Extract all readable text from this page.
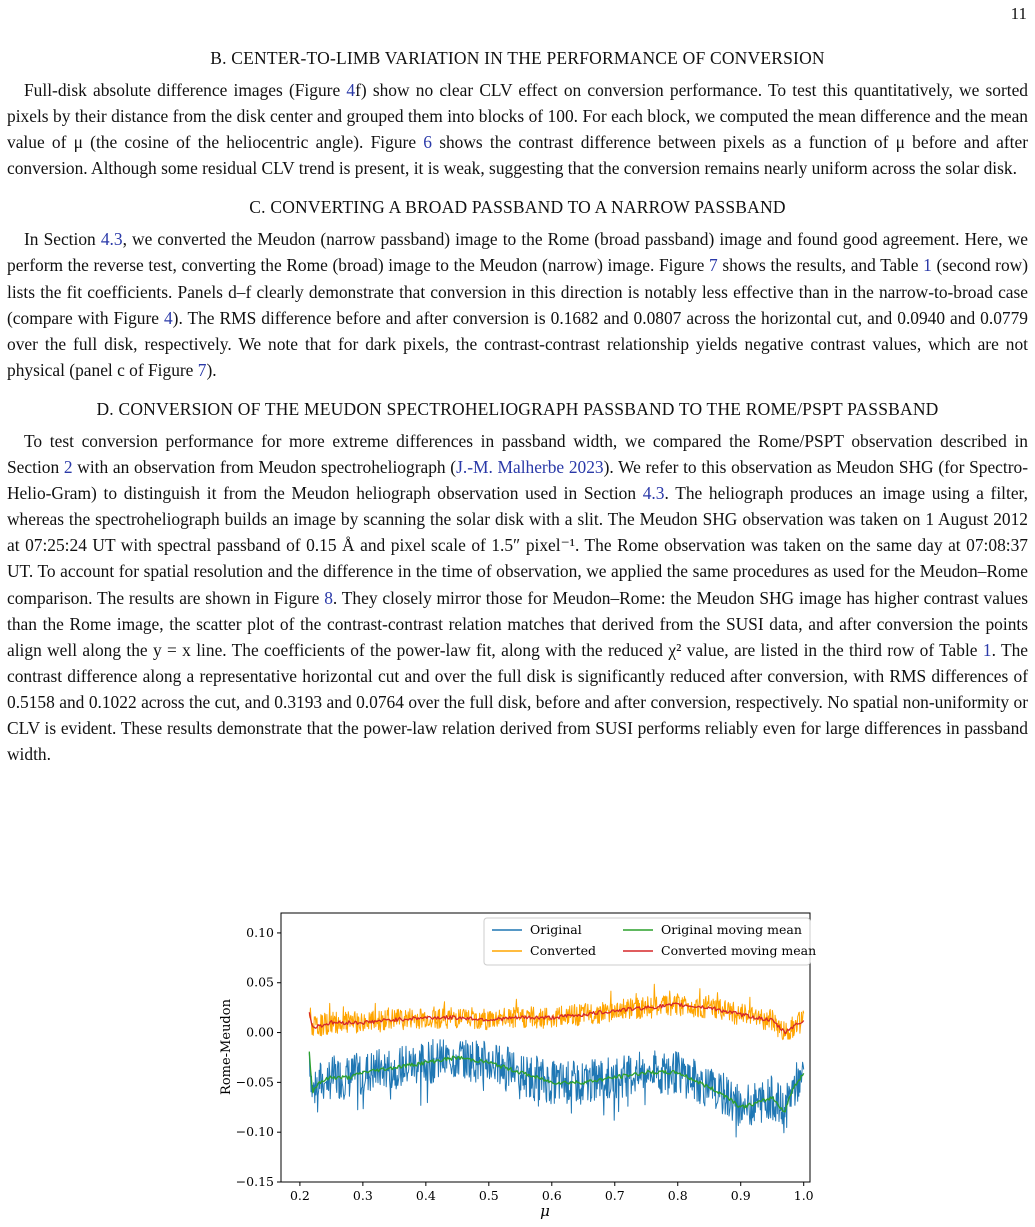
11
B. CENTER-TO-LIMB VARIATION IN THE PERFORMANCE OF CONVERSION

Full-disk absolute difference images (Figure 4f) show no clear CLV effect on conversion performance. To test this quantitatively, we sorted pixels by their distance from the disk center and grouped them into blocks of 100. For each block, we computed the mean difference and the mean value of μ (the cosine of the heliocentric angle). Figure 6 shows the contrast difference between pixels as a function of μ before and after conversion. Although some residual CLV trend is present, it is weak, suggesting that the conversion remains nearly uniform across the solar disk.

C. CONVERTING A BROAD PASSBAND TO A NARROW PASSBAND

In Section 4.3, we converted the Meudon (narrow passband) image to the Rome (broad passband) image and found good agreement. Here, we perform the reverse test, converting the Rome (broad) image to the Meudon (narrow) image. Figure 7 shows the results, and Table 1 (second row) lists the fit coefficients. Panels d–f clearly demonstrate that conversion in this direction is notably less effective than in the narrow-to-broad case (compare with Figure 4). The RMS difference before and after conversion is 0.1682 and 0.0807 across the horizontal cut, and 0.0940 and 0.0779 over the full disk, respectively. We note that for dark pixels, the contrast-contrast relationship yields negative contrast values, which are not physical (panel c of Figure 7).

D. CONVERSION OF THE MEUDON SPECTROHELIOGRAPH PASSBAND TO THE ROME/PSPT PASSBAND

To test conversion performance for more extreme differences in passband width, we compared the Rome/PSPT observation described in Section 2 with an observation from Meudon spectroheliograph (J.-M. Malherbe 2023). We refer to this observation as Meudon SHG (for Spectro-Helio-Gram) to distinguish it from the Meudon heliograph observation used in Section 4.3. The heliograph produces an image using a filter, whereas the spectroheliograph builds an image by scanning the solar disk with a slit. The Meudon SHG observation was taken on 1 August 2012 at 07:25:24 UT with spectral passband of 0.15 Å and pixel scale of 1.5″ pixel⁻¹. The Rome observation was taken on the same day at 07:08:37 UT. To account for spatial resolution and the difference in the time of observation, we applied the same procedures as used for the Meudon–Rome comparison. The results are shown in Figure 8. They closely mirror those for Meudon–Rome: the Meudon SHG image has higher contrast values than the Rome image, the scatter plot of the contrast-contrast relation matches that derived from the SUSI data, and after conversion the points align well along the y = x line. The coefficients of the power-law fit, along with the reduced χ² value, are listed in the third row of Table 1. The contrast difference along a representative horizontal cut and over the full disk is significantly reduced after conversion, with RMS differences of 0.5158 and 0.1022 across the cut, and 0.3193 and 0.0764 over the full disk, before and after conversion, respectively. No spatial non-uniformity or CLV is evident. These results demonstrate that the power-law relation derived from SUSI performs reliably even for large differences in passband width.

0.2	0.3	0.4	0.5	0.6	0.7	0.8	0.9	1.0
−0.15
−0.10
−0.05
0.00
0.05
0.10
Rome-Meudon
μ
Original
Converted
Original moving mean
Converted moving mean
